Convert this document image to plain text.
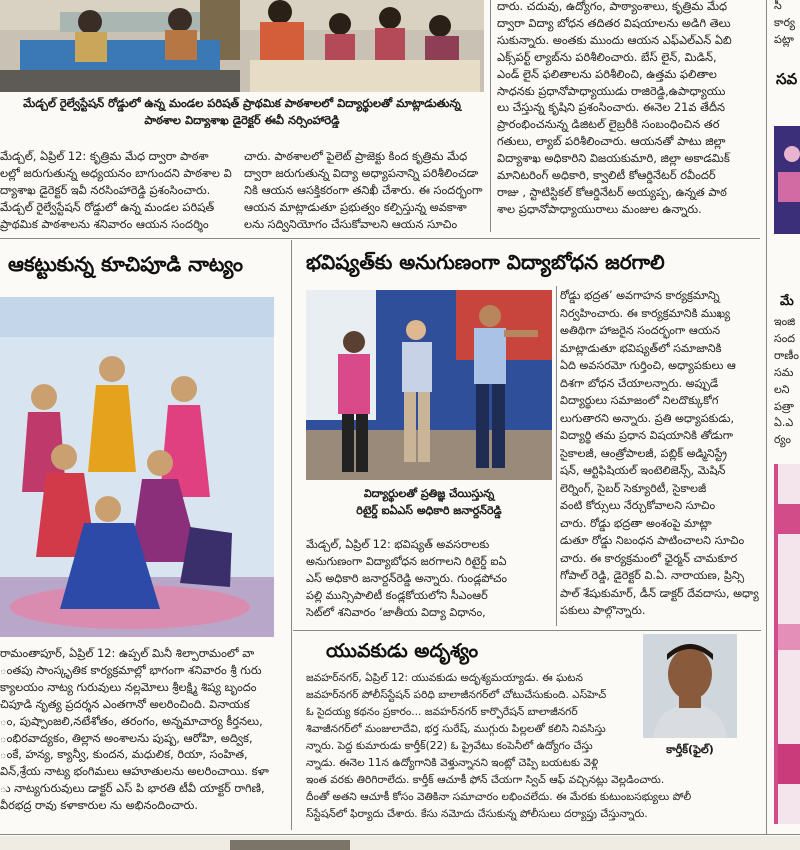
మేడ్చల్ రైల్వేస్టేషన్ రోడ్డులో ఉన్న మండల పరిషత్ ప్రాథమిక పాఠశాలలో విద్యార్థులతో మాట్లాడుతున్న
పాఠశాల విద్యాశాఖ డైరెక్టర్ ఈవీ నర్సింహారెడ్డి
మేడ్చల్, ఏప్రిల్ 12: కృత్రిమ మేధ ద్వారా పాఠశా
లల్లో జరుగుతున్న అధ్యయనం బాగుందని పాఠశాల వి
ద్యాశాఖ డైరెక్టర్ ఇవీ నరసింహారెడ్డి ప్రశంసించారు.
మేడ్చల్ రైల్వేస్టేషన్ రోడ్డులో ఉన్న మండల పరిషత్
ప్రాథమిక పాఠశాలను శనివారం ఆయన సందర్శిం
చారు. పాఠశాలలో పైలెట్ ప్రాజెక్టు కింద కృత్రిమ మేధ
ద్వారా జరుగుతున్న విద్యా అధ్యాపనాన్ని పరిశీలించడా
నికి ఆయన ఆసక్తికరంగా తనిఖీ చేశారు. ఈ సందర్భంగా
ఆయన మాట్లాడుతూ ప్రభుత్వం కల్పిస్తున్న అవకాశా
లను సద్వినియోగం చేసుకోవాలని ఆయన సూచిం
దారు. చదువు, ఉద్యోగం, పాఠ్యాంశాలు, కృత్రిమ మేధ
ద్వారా విద్యా బోధన తదితర విషయాలను అడిగి తెలు
సుకున్నారు. అంతకు ముందు ఆయన ఎఫ్ఎల్ఎన్ ఏబి
ఎక్స్‌పర్ట్ ల్యాబ్‌ను పరిశీలించారు. బేస్ లైన్, మిడిన్,
ఎండ్ లైన్ ఫలితాలను పరిశీలించి, ఉత్తమ ఫలితాల
సాధనకు ప్రధానోపాధ్యాయుడు రాజిరెడ్డి,ఉపాధ్యాయు
లు చేస్తున్న కృషిని ప్రశంసించారు. ఈనెల 21వ తేదీన
ప్రారంభించనున్న డిజిటల్ లైబ్రరీకి సంబంధించిన తర
గతులు, ల్యాబ్ పరిశీలించారు. ఆయనతో పాటు జిల్లా
విద్యాశాఖ అధికారిని విజయకుమారి, జిల్లా అకాడమిక్
మానిటరింగ్ అధికారి, క్వాలిటీ కోఆర్డినేటర్ రవీందర్
రాజు , స్టాటిస్టికల్ కోఆర్డినేటర్ అయ్యప్ప, ఉన్నత పాఠ
శాల ప్రధానోపాధ్యాయురాలు మంజుల ఉన్నారు.
ఆకట్టుకున్న కూచిపూడి నాట్యం
రామంతాపూర్, ఏప్రిల్ 12: ఉప్పల్ మినీ శిల్పారామంలో వా
ంతపు సాంస్కృతిక కార్యక్రమాల్లో భాగంగా శనివారం శ్రీ గురు
క్యాలయం నాట్య గురువులు నల్లమోలు శ్రీలక్ష్మి శిష్య బృందం
చిపూడి నృత్య ప్రదర్శన ఎంతగానో అలరించింది. వినాయక
ం, పుష్పాంజలి,నటేశోతం, తరంగం, అన్నమాచార్య కీర్తనలు,
ంభిరవాద్యకం, తిల్లాన అంశాలను పుష్ప, ఆరోహి, అద్విక,
ంకే, హన్య, క్యాన్వీ, కుందన, మధులిక, రియా, సంహిత,
విన్,శ్రేయ నాట్య భంగిమలు ఆహూతులను అలరించాయి. కళా
ు నాట్యగురువులు డాక్టర్ ఎస్ పి భారతి టీవీ యాక్టర్ రాగిణి,
వీరభద్ర రావు కళాకారుల ను అభినందించారు.
భవిష్యత్‌కు అనుగుణంగా విద్యాబోధన జరగాలి
విద్యార్థులతో ప్రతిజ్ఞ చేయిస్తున్న
రిటైర్డ్ ఐఏఎస్ అధికారి జనార్దన్‌రెడ్డి
మేడ్చల్, ఏప్రిల్ 12: భవిష్యత్ అవసరాలకు
అనుగుణంగా విద్యాబోధన జరగాలని రిటైర్డ్ ఐఏ
ఎస్ అధికారి జనార్దన్‌రెడ్డి అన్నారు. గుండ్లపోచం
పల్లి మున్సిపాలిటీ కండ్లకోయలోని సీఎంఆర్
సెట్‌లో శనివారం ‘జాతీయ విద్యా విధానం,
రోడ్డు భద్రత’ అవగాహన కార్యక్రమాన్ని
నిర్వహించారు. ఈ కార్యక్రమానికి ముఖ్య
అతిథిగా హాజరైన సందర్భంగా ఆయన
మాట్లాడుతూ భవిష్యత్‌లో సమాజానికి
ఏది అవసరమో గుర్తించి, అధ్యాపకులు ఆ
దిశగా బోధన చేయాలన్నారు. అప్పుడే
విద్యార్థులు సమాజంలో నిలదొక్కుకోగ
లుగుతారని అన్నారు. ప్రతి అధ్యాపకుడు,
విద్యార్థి తమ ప్రధాన విషయానికి తోడుగా
సైకాలజీ, ఆంత్రోపాలజీ, పబ్లిక్ అడ్మినిస్ట్రే
షన్, ఆర్టిఫిషియల్ ఇంటెలిజెన్స్, మెషిన్
లెర్నింగ్, సైబర్ సెక్యూరిటీ, సైకాలజీ
వంటి కోర్సులు నేర్చుకోవాలని సూచిం
చారు. రోడ్డు భద్రతా అంశంపై మాట్లా
డుతూ రోడ్డు నిబంధన పాటించాలని సూచిం
చారు. ఈ కార్యక్రమంలో ఛైర్మన్ చామకూర
గోపాల్ రెడ్డి, డైరెక్టర్ వి.ఏ. నారాయణ, ప్రిన్సి
పాల్ శేషుకుమార్, డీన్ డాక్టర్ దేవదాసు, అధ్యా
పకులు పాల్గొన్నారు.
యువకుడు అదృశ్యం
కార్తీక్(ఫైల్)
జవహర్‌నగర్, ఏప్రిల్ 12: యువకుడు అదృశ్యమయ్యాడు. ఈ ఘటన
జవహర్‌నగర్ పోలీస్‌స్టేషన్ పరిధి బాలాజీనగర్‌లో చోటుచేసుకుంది. ఎస్‌హెచ్
ఓ సైదయ్య కథనం ప్రకారం... జవహర్‌నగర్ కార్పొరేషన్ బాలాజీనగర్
శివాజీనగర్‌లో మంజులాదేవి, భర్త సురేష్, ముగ్గురు పిల్లలతో కలిసి నివసిస్తు
న్నారు. పెద్ద కుమారుడు కార్తీక్(22) ఓ ప్రైవేటు కంపెనీలో ఉద్యోగం చేస్తు
న్నాడు. ఈనెల 11న ఉద్యోగానికి వెళ్తున్నానని ఇంట్లో చెప్పి బయటకు వెళ్లి
ఇంత వరకు తిరిగిరాలేదు. కార్తీక్ ఆచూకీ ఫోన్ చేయగా స్విచ్ ఆఫ్ వచ్చినట్లు వెల్లడించారు.
దీంతో అతని ఆచూకీ కోసం వెతికినా సమాచారం లభించలేదు. ఈ మేరకు కుటుంబసభ్యులు పోలీ
స్‌స్టేషన్‌లో ఫిర్యాదు చేశారు. కేసు నమోదు చేసుకున్న పోలీసులు దర్యాప్తు చేస్తున్నారు.
సీ
కార్య
పట్లా
సవ
మే
ఇంజి
సంద
రాణీం
సమ
లని
పత్రా
ఏ.ఎ
ర్యం
